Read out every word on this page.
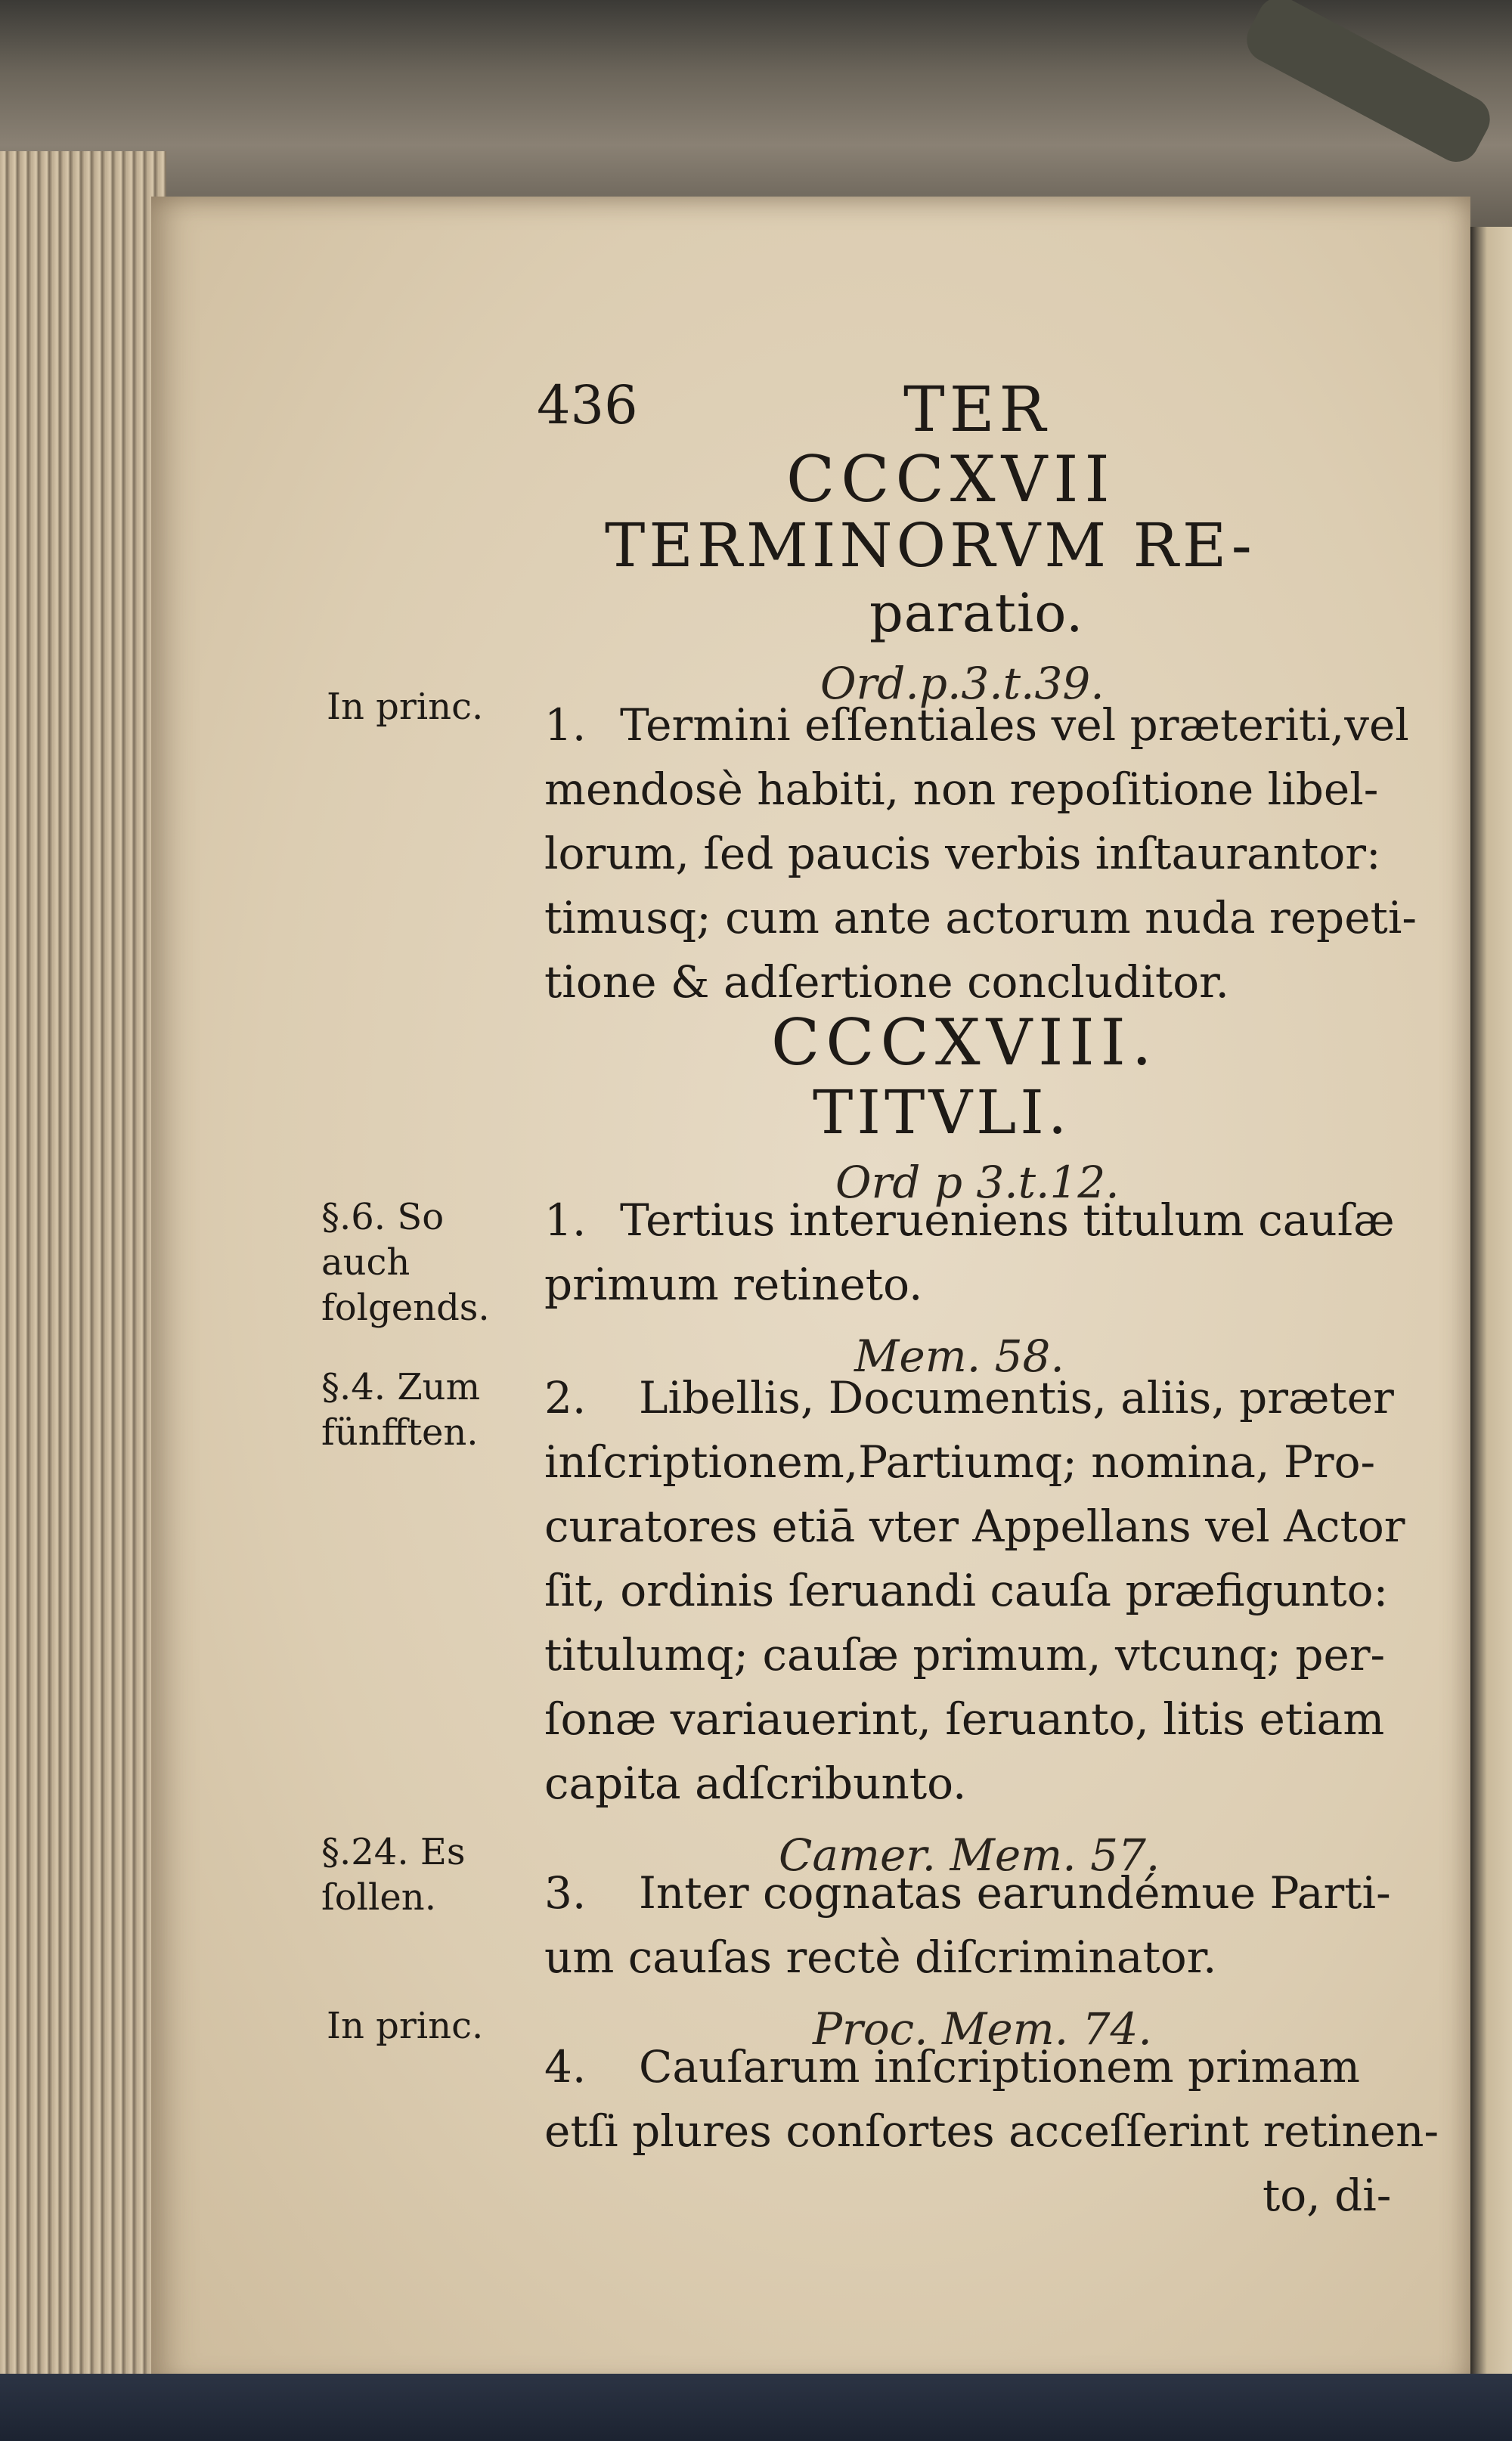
436	TER
CCCXVII
TERMINORVM RE-
paratio.
Ord.p.3.t.39.
In princ.	1. Termini eſſentiales vel præteriti,vel
mendosè habiti, non repoſitione libel-
lorum, ſed paucis verbis inſtaurantor:
timusq; cum ante actorum nuda repeti-
tione & adſertione concluditor.
CCCXVIII.
TITVLI.
Ord p 3.t.12.
§.6. So auch folgends.
1. Tertius interueniens titulum cauſæ
primum retineto.
Mem. 58.
§.4. Zum fünfften.
2. Libellis, Documentis, aliis, præter
inſcriptionem,Partiumq; nomina, Pro-
curatores etiā vter Appellans vel Actor
ſit, ordinis ſeruandi cauſa præfigunto:
titulumq; cauſæ primum, vtcunq; per-
ſonæ variauerint, ſeruanto, litis etiam
capita adſcribunto.
Camer. Mem. 57.
§.24. Es ſollen.	3. Inter cognatas earundémue Parti-
um cauſas rectè diſcriminator.
Proc. Mem. 74.
In princ.
4. Cauſarum inſcriptionem primam
etſi plures conſortes acceſſerint retinen-
to, di-
